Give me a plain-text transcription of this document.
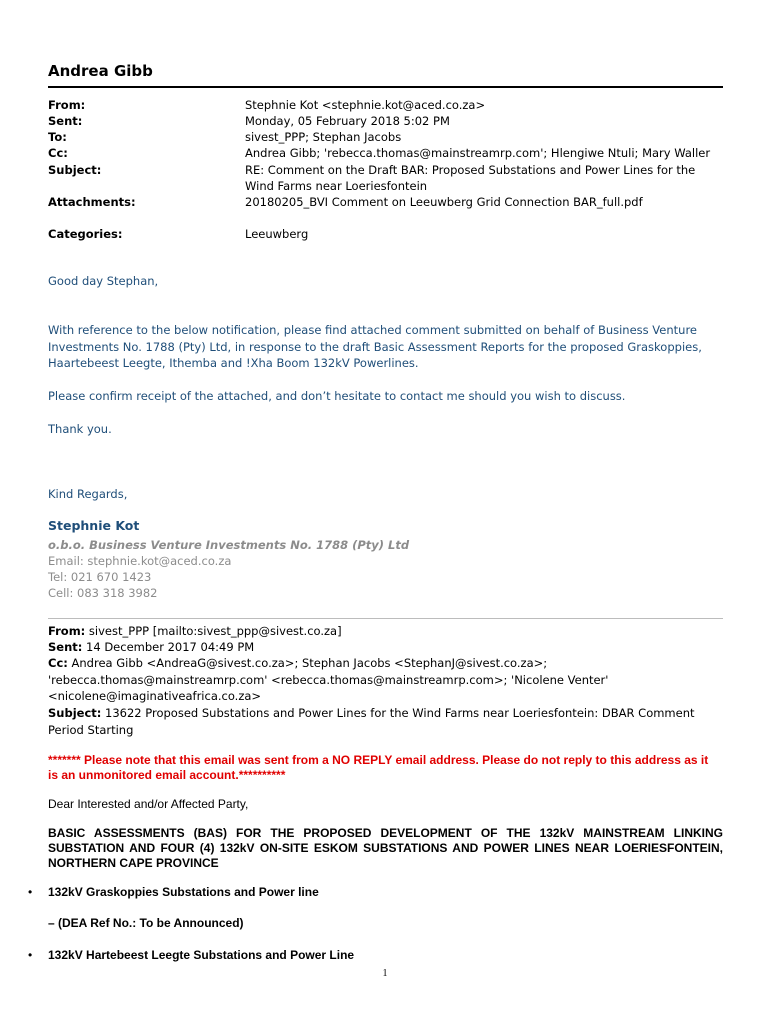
Andrea Gibb
From:	Stephnie Kot <stephnie.kot@aced.co.za>
Sent:	Monday, 05 February 2018 5:02 PM
To:	sivest_PPP; Stephan Jacobs
Cc:	Andrea Gibb; 'rebecca.thomas@mainstreamrp.com'; Hlengiwe Ntuli; Mary Waller
Subject:	RE: Comment on the Draft BAR: Proposed Substations and Power Lines for the Wind Farms near Loeriesfontein
Attachments:	20180205_BVI Comment on Leeuwberg Grid Connection BAR_full.pdf
Categories:	Leeuwberg
Good day Stephan,
With reference to the below notification, please find attached comment submitted on behalf of Business Venture Investments No. 1788 (Pty) Ltd, in response to the draft Basic Assessment Reports for the proposed Graskoppies, Haartebeest Leegte, Ithemba and !Xha Boom 132kV Powerlines.
Please confirm receipt of the attached, and don’t hesitate to contact me should you wish to discuss.
Thank you.
Kind Regards,
Stephnie Kot
o.b.o. Business Venture Investments No. 1788 (Pty) Ltd
Email: stephnie.kot@aced.co.za
Tel: 021 670 1423
Cell: 083 318 3982
From: sivest_PPP [mailto:sivest_ppp@sivest.co.za]
Sent: 14 December 2017 04:49 PM
Cc: Andrea Gibb <AndreaG@sivest.co.za>; Stephan Jacobs <StephanJ@sivest.co.za>; 'rebecca.thomas@mainstreamrp.com' <rebecca.thomas@mainstreamrp.com>; 'Nicolene Venter' <nicolene@imaginativeafrica.co.za>
Subject: 13622 Proposed Substations and Power Lines for the Wind Farms near Loeriesfontein: DBAR Comment Period Starting
******* Please note that this email was sent from a NO REPLY email address. Please do not reply to this address as it is an unmonitored email account.**********
Dear Interested and/or Affected Party,
BASIC ASSESSMENTS (BAS) FOR THE PROPOSED DEVELOPMENT OF THE 132kV MAINSTREAM LINKING SUBSTATION AND FOUR (4) 132kV ON-SITE ESKOM SUBSTATIONS AND POWER LINES NEAR LOERIESFONTEIN, NORTHERN CAPE PROVINCE
• 132kV Graskoppies Substations and Power line
– (DEA Ref No.: To be Announced)
• 132kV Hartebeest Leegte Substations and Power Line
1
